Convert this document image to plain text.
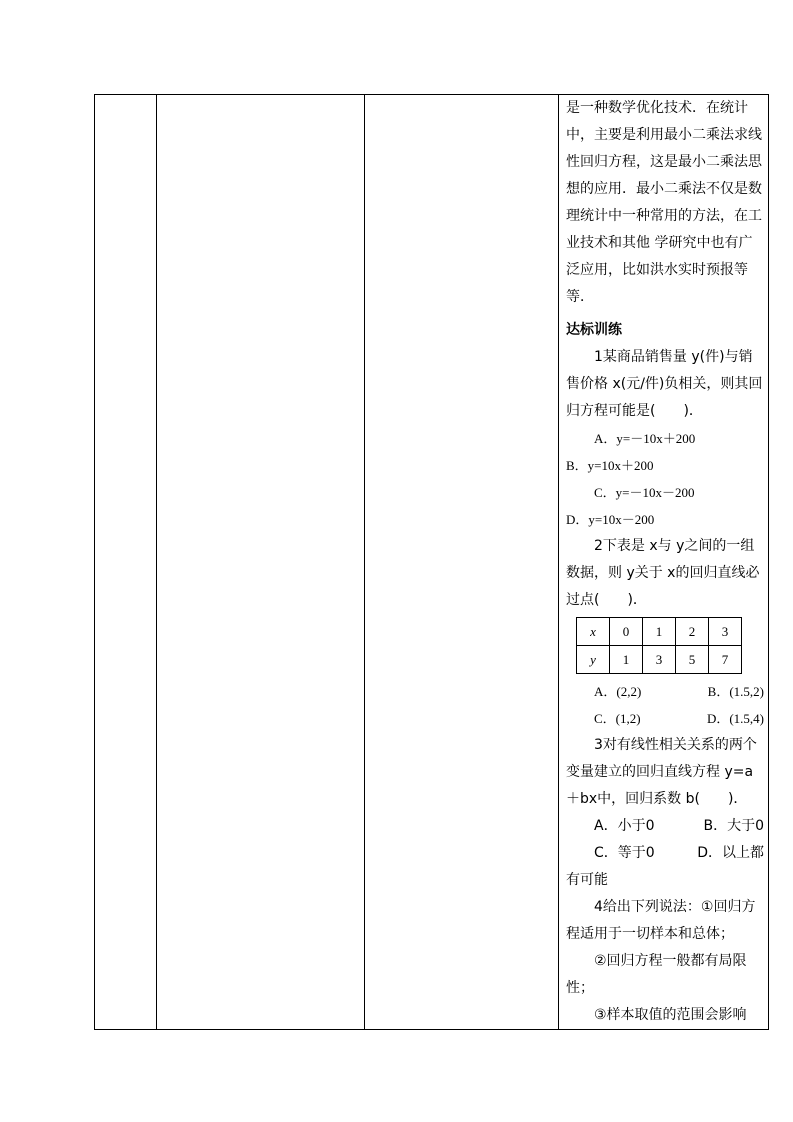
是一种数学优化技术．在统计

中，主要是利用最小二乘法求线

性回归方程，这是最小二乘法思

想的应用．最小二乘法不仅是数

理统计中一种常用的方法，在工

业技术和其他 学研究中也有广

泛应用，比如洪水实时预报等

等．

达标训练

1某商品销售量 y(件)与销

售价格 x(元/件)负相关，则其回

归方程可能是(　　)．

A．y=－10x＋200

B．y=10x＋200

C．y=－10x－200

D．y=10x－200

2下表是 x与 y之间的一组

数据，则 y关于 x的回归直线必

过点(　　)．

x	0	1	2	3
y	1	3	5	7
A．(2,2)	B．(1.5,2)
C．(1,2)	D．(1.5,4)

3对有线性相关关系的两个

变量建立的回归直线方程 y=a

＋bx中，回归系数 b(　　)．

A．小于0	B．大于0
C．等于0	D．以上都

有可能

4给出下列说法：①回归方

程适用于一切样本和总体；

②回归方程一般都有局限

性；

③样本取值的范围会影响
